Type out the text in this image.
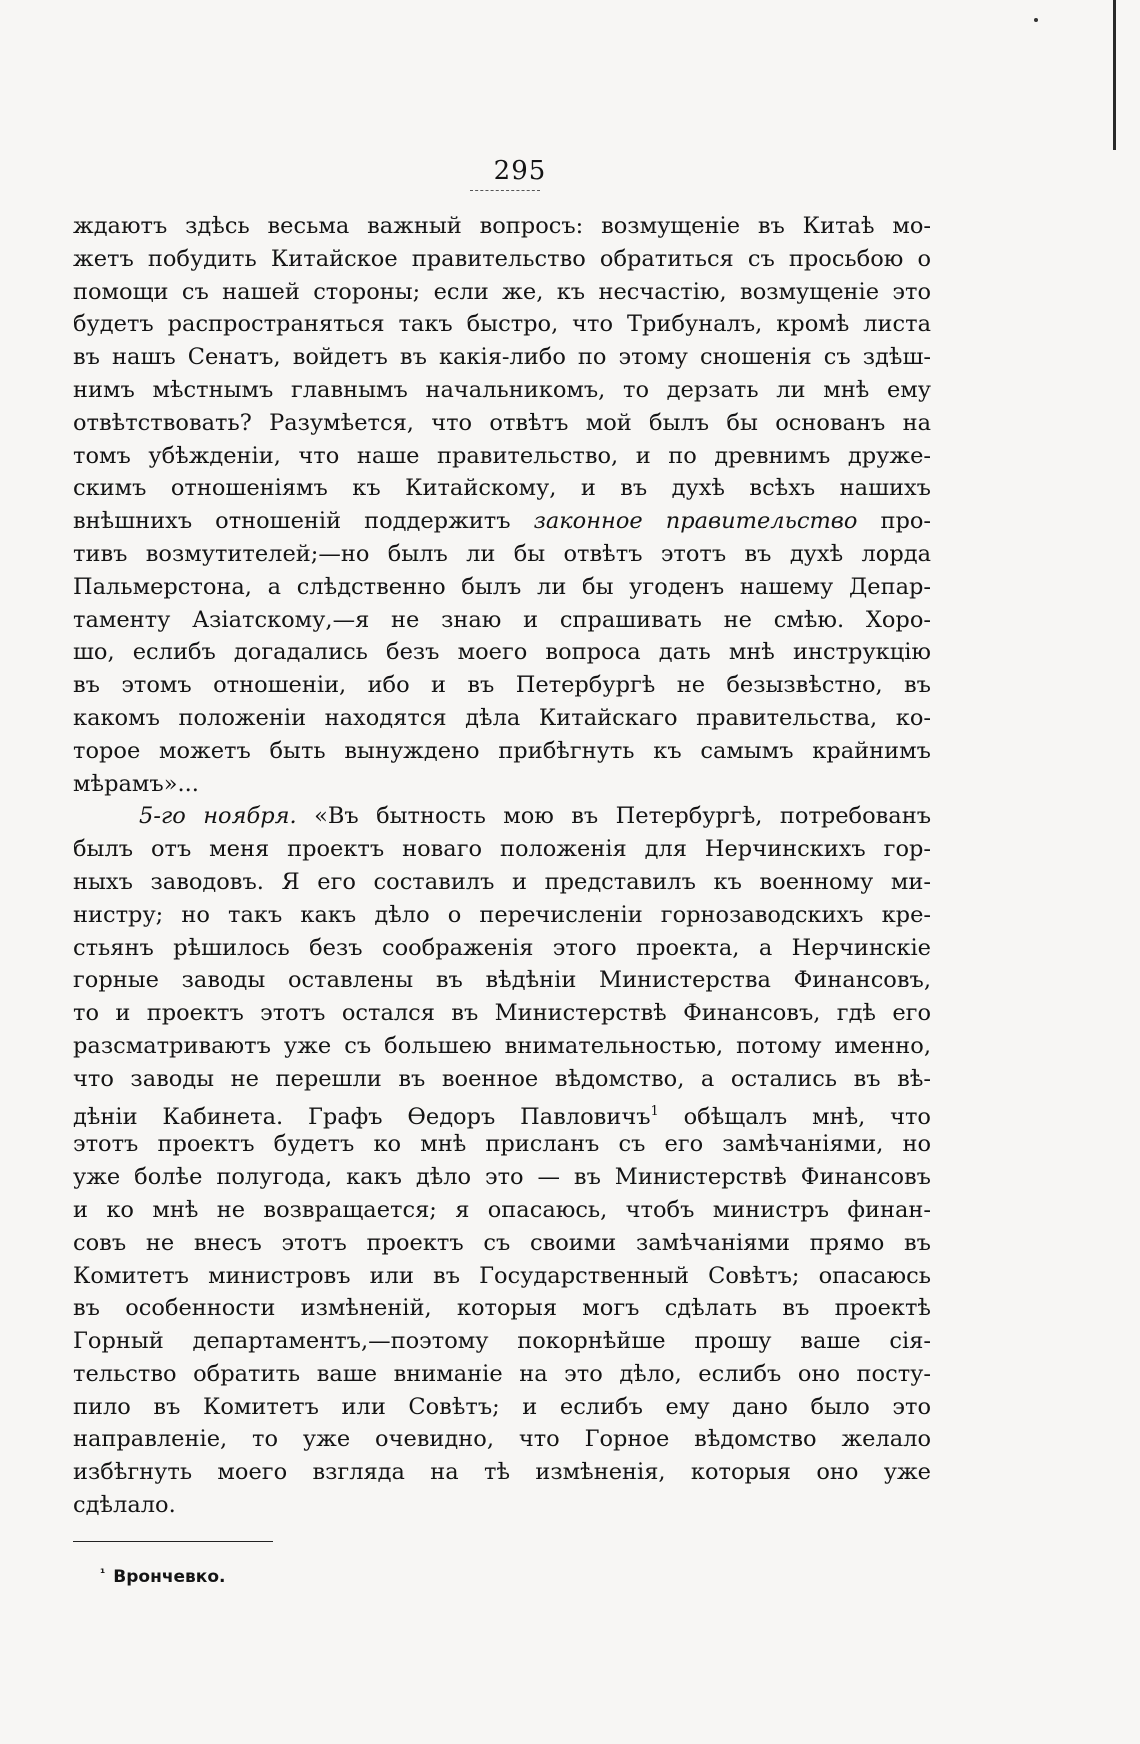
295
ждаютъ здѣсь весьма важный вопросъ: возмущеніе въ Китаѣ мо-
жетъ побудить Китайское правительство обратиться съ просьбою о
помощи съ нашей стороны; если же, къ несчастію, возмущеніе это
будетъ распространяться такъ быстро, что Трибуналъ, кромѣ листа
въ нашъ Сенатъ, войдетъ въ какія-либо по этому сношенія съ здѣш-
нимъ мѣстнымъ главнымъ начальникомъ, то дерзать ли мнѣ ему
отвѣтствовать? Разумѣется, что отвѣтъ мой былъ бы основанъ на
томъ убѣжденіи, что наше правительство, и по древнимъ друже-
скимъ отношеніямъ къ Китайскому, и въ духѣ всѣхъ нашихъ
внѣшнихъ отношеній поддержитъ законное правительство про-
тивъ возмутителей;—но былъ ли бы отвѣтъ этотъ въ духѣ лорда
Пальмерстона, а слѣдственно былъ ли бы угоденъ нашему Депар-
таменту Азіатскому,—я не знаю и спрашивать не смѣю. Хоро-
шо, еслибъ догадались безъ моего вопроса дать мнѣ инструкцію
въ этомъ отношеніи, ибо и въ Петербургѣ не безызвѣстно, въ
какомъ положеніи находятся дѣла Китайскаго правительства, ко-
торое можетъ быть вынуждено прибѣгнуть къ самымъ крайнимъ
мѣрамъ»...
5-го ноября. «Въ бытность мою въ Петербургѣ, потребованъ
былъ отъ меня проектъ новаго положенія для Нерчинскихъ гор-
ныхъ заводовъ. Я его составилъ и представилъ къ военному ми-
нистру; но такъ какъ дѣло о перечисленіи горнозаводскихъ кре-
стьянъ рѣшилось безъ соображенія этого проекта, а Нерчинскіе
горные заводы оставлены въ вѣдѣніи Министерства Финансовъ,
то и проектъ этотъ остался въ Министерствѣ Финансовъ, гдѣ его
разсматриваютъ уже съ большею внимательностью, потому именно,
что заводы не перешли въ военное вѣдомство, а остались въ вѣ-
дѣніи Кабинета. Графъ Өедоръ Павловичъ$^1$ обѣщалъ мнѣ, что
этотъ проектъ будетъ ко мнѣ присланъ съ его замѣчаніями, но
уже болѣе полугода, какъ дѣло это — въ Министерствѣ Финансовъ
и ко мнѣ не возвращается; я опасаюсь, чтобъ министръ финан-
совъ не внесъ этотъ проектъ съ своими замѣчаніями прямо въ
Комитетъ министровъ или въ Государственный Совѣтъ; опасаюсь
въ особенности измѣненій, которыя могъ сдѣлать въ проектѣ
Горный департаментъ,—поэтому покорнѣйше прошу ваше сія-
тельство обратить ваше вниманіе на это дѣло, еслибъ оно посту-
пило въ Комитетъ или Совѣтъ; и еслибъ ему дано было это
направленіе, то уже очевидно, что Горное вѣдомство желало
избѣгнуть моего взгляда на тѣ измѣненія, которыя оно уже
сдѣлало.
$^{^1}$ Врончевко.
